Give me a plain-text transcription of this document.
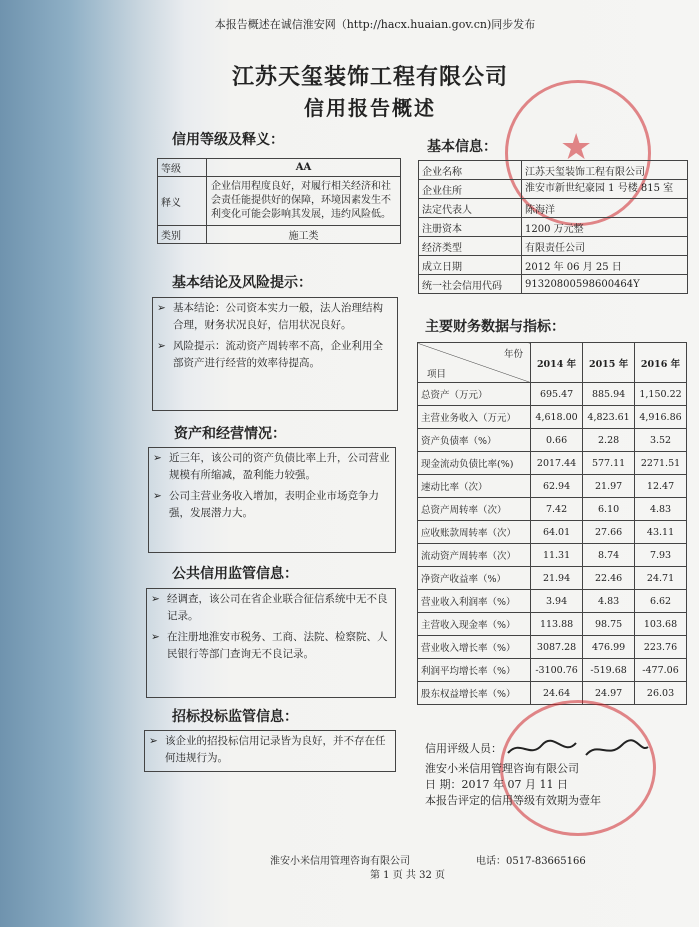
本报告概述在诚信淮安网（http://hacx.huaian.gov.cn)同步发布
江苏天玺装饰工程有限公司
信用报告概述
★
信用等级及释义：
等级	AA
释义	企业信用程度良好，对履行相关经济和社会责任能提供好的保障，环境因素发生不利变化可能会影响其发展，违约风险低。
类别	施工类
基本信息：
企业名称	江苏天玺装饰工程有限公司
企业住所	淮安市新世纪豪园 1 号楼 815 室
法定代表人	陈海洋
注册资本	1200 万元整
经济类型	有限责任公司
成立日期	2012 年 06 月 25 日
统一社会信用代码	91320800598600464Y
基本结论及风险提示：
➢ 基本结论：公司资本实力一般，法人治理结构合理，财务状况良好，信用状况良好。
➢ 风险提示：流动资产周转率不高，企业利用全部资产进行经营的效率待提高。
资产和经营情况：
➢ 近三年，该公司的资产负债比率上升，公司营业规模有所缩减，盈利能力较强。
➢ 公司主营业务收入增加，表明企业市场竞争力强，发展潜力大。
公共信用监管信息：
➢ 经调查，该公司在省企业联合征信系统中无不良记录。
➢ 在注册地淮安市税务、工商、法院、检察院、人民银行等部门查询无不良记录。
招标投标监管信息：
➢ 该企业的招投标信用记录皆为良好，并不存在任何违规行为。
主要财务数据与指标：
年份
项目	2014 年	2015 年	2016 年
总资产（万元）	695.47	885.94	1,150.22
主营业务收入（万元）	4,618.00	4,823.61	4,916.86
资产负债率（%）	0.66	2.28	3.52
现金流动负债比率(%)	2017.44	577.11	2271.51
速动比率（次）	62.94	21.97	12.47
总资产周转率（次）	7.42	6.10	4.83
应收账款周转率（次）	64.01	27.66	43.11
流动资产周转率（次）	11.31	8.74	7.93
净资产收益率（%）	21.94	22.46	24.71
营业收入利润率（%）	3.94	4.83	6.62
主营收入现金率（%）	113.88	98.75	103.68
营业收入增长率（%）	3087.28	476.99	223.76
利润平均增长率（%）	-3100.76	-519.68	-477.06
股东权益增长率（%）	24.64	24.97	26.03
信用评级人员：
淮安小米信用管理咨询有限公司
日 期：2017 年 07 月 11 日
本报告评定的信用等级有效期为壹年
淮安小米信用管理咨询有限公司	电话：0517-83665166
第 1 页 共 32 页
